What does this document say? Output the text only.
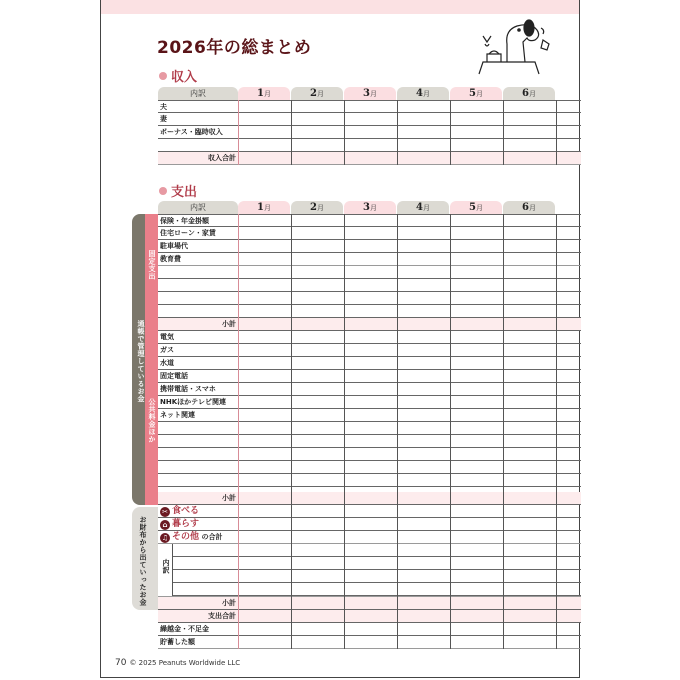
2026年の総まとめ
収入
内訳	1月	2月	3月	4月	5月	6月
夫
妻
ボーナス・臨時収入
収入合計
支出
通帳で管理しているお金
固定支出
公共料金ほか
お財布から出ていったお金
内訳	1月	2月	3月	4月	5月	6月
保険・年金掛額
住宅ローン・家賃
駐車場代
教育費
小計
電気
ガス
水道
固定電話
携帯電話・スマホ
NHKほかテレビ関連
ネット関連
小計
✂ 食べる
⌂ 暮らす
♫ その他 の合計
内訳
小計
支出合計
繰越金・不足金
貯蓄した額
70 © 2025 Peanuts Worldwide LLC
